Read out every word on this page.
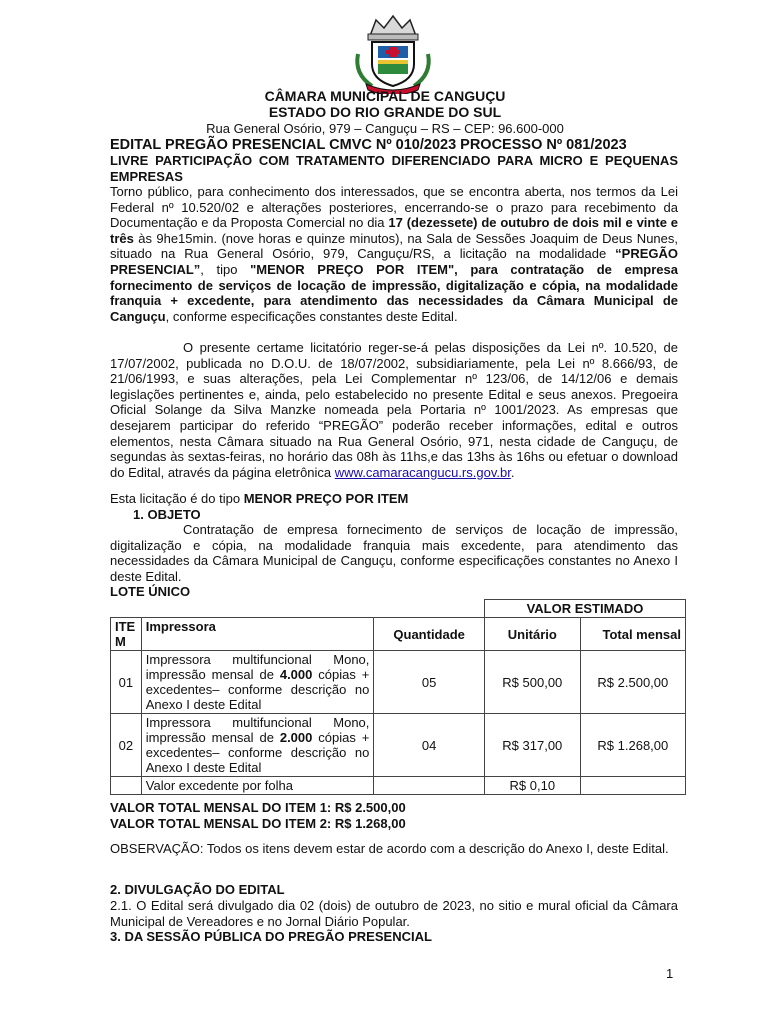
CÂMARA MUNICIPAL DE CANGUÇU
ESTADO DO RIO GRANDE DO SUL
Rua General Osório, 979 – Canguçu – RS – CEP: 96.600-000
EDITAL PREGÃO PRESENCIAL CMVC Nº 010/2023 PROCESSO Nº 081/2023
LIVRE PARTICIPAÇÃO COM TRATAMENTO DIFERENCIADO PARA MICRO E PEQUENAS EMPRESAS
Torno público, para conhecimento dos interessados, que se encontra aberta, nos termos da Lei Federal nº 10.520/02 e alterações posteriores, encerrando-se o prazo para recebimento da Documentação e da Proposta Comercial no dia 17 (dezessete) de outubro de dois mil e vinte e três às 9he15min. (nove horas e quinze minutos), na Sala de Sessões Joaquim de Deus Nunes, situado na Rua General Osório, 979, Canguçu/RS, a licitação na modalidade “PREGÃO PRESENCIAL”, tipo "MENOR PREÇO POR ITEM", para contratação de empresa fornecimento de serviços de locação de impressão, digitalização e cópia, na modalidade franquia + excedente, para atendimento das necessidades da Câmara Municipal de Canguçu, conforme especificações constantes deste Edital.
O presente certame licitatório reger-se-á pelas disposições da Lei nº. 10.520, de 17/07/2002, publicada no D.O.U. de 18/07/2002, subsidiariamente, pela Lei nº 8.666/93, de 21/06/1993, e suas alterações, pela Lei Complementar nº 123/06, de 14/12/06 e demais legislações pertinentes e, ainda, pelo estabelecido no presente Edital e seus anexos. Pregoeira Oficial Solange da Silva Manzke nomeada pela Portaria nº 1001/2023. As empresas que desejarem participar do referido “PREGÃO” poderão receber informações, edital e outros elementos, nesta Câmara situado na Rua General Osório, 971, nesta cidade de Canguçu, de segundas às sextas-feiras, no horário das 08h às 11hs,e das 13hs às 16hs ou efetuar o download do Edital, através da página eletrônica www.camaracangucu.rs.gov.br.
Esta licitação é do tipo MENOR PREÇO POR ITEM
1. OBJETO
Contratação de empresa fornecimento de serviços de locação de impressão, digitalização e cópia, na modalidade franquia mais excedente, para atendimento das necessidades da Câmara Municipal de Canguçu, conforme especificações constantes no Anexo I deste Edital.
LOTE ÚNICO
			VALOR ESTIMADO	
ITE M	Impressora	Quantidade	Unitário	Total mensal
01	Impressora multifuncional Mono, impressão mensal de 4.000 cópias + excedentes– conforme descrição no Anexo I deste Edital	05	R$ 500,00	R$ 2.500,00
02	Impressora multifuncional Mono, impressão mensal de 2.000 cópias + excedentes– conforme descrição no Anexo I deste Edital	04	R$ 317,00	R$ 1.268,00
	Valor excedente por folha		R$ 0,10	
VALOR TOTAL MENSAL DO ITEM 1: R$ 2.500,00
VALOR TOTAL MENSAL DO ITEM 2: R$ 1.268,00
OBSERVAÇÃO: Todos os itens devem estar de acordo com a descrição do Anexo I, deste Edital.
2. DIVULGAÇÃO DO EDITAL
2.1. O Edital será divulgado dia 02 (dois) de outubro de 2023, no sitio e mural oficial da Câmara Municipal de Vereadores e no Jornal Diário Popular.
3. DA SESSÃO PÚBLICA DO PREGÃO PRESENCIAL
1
